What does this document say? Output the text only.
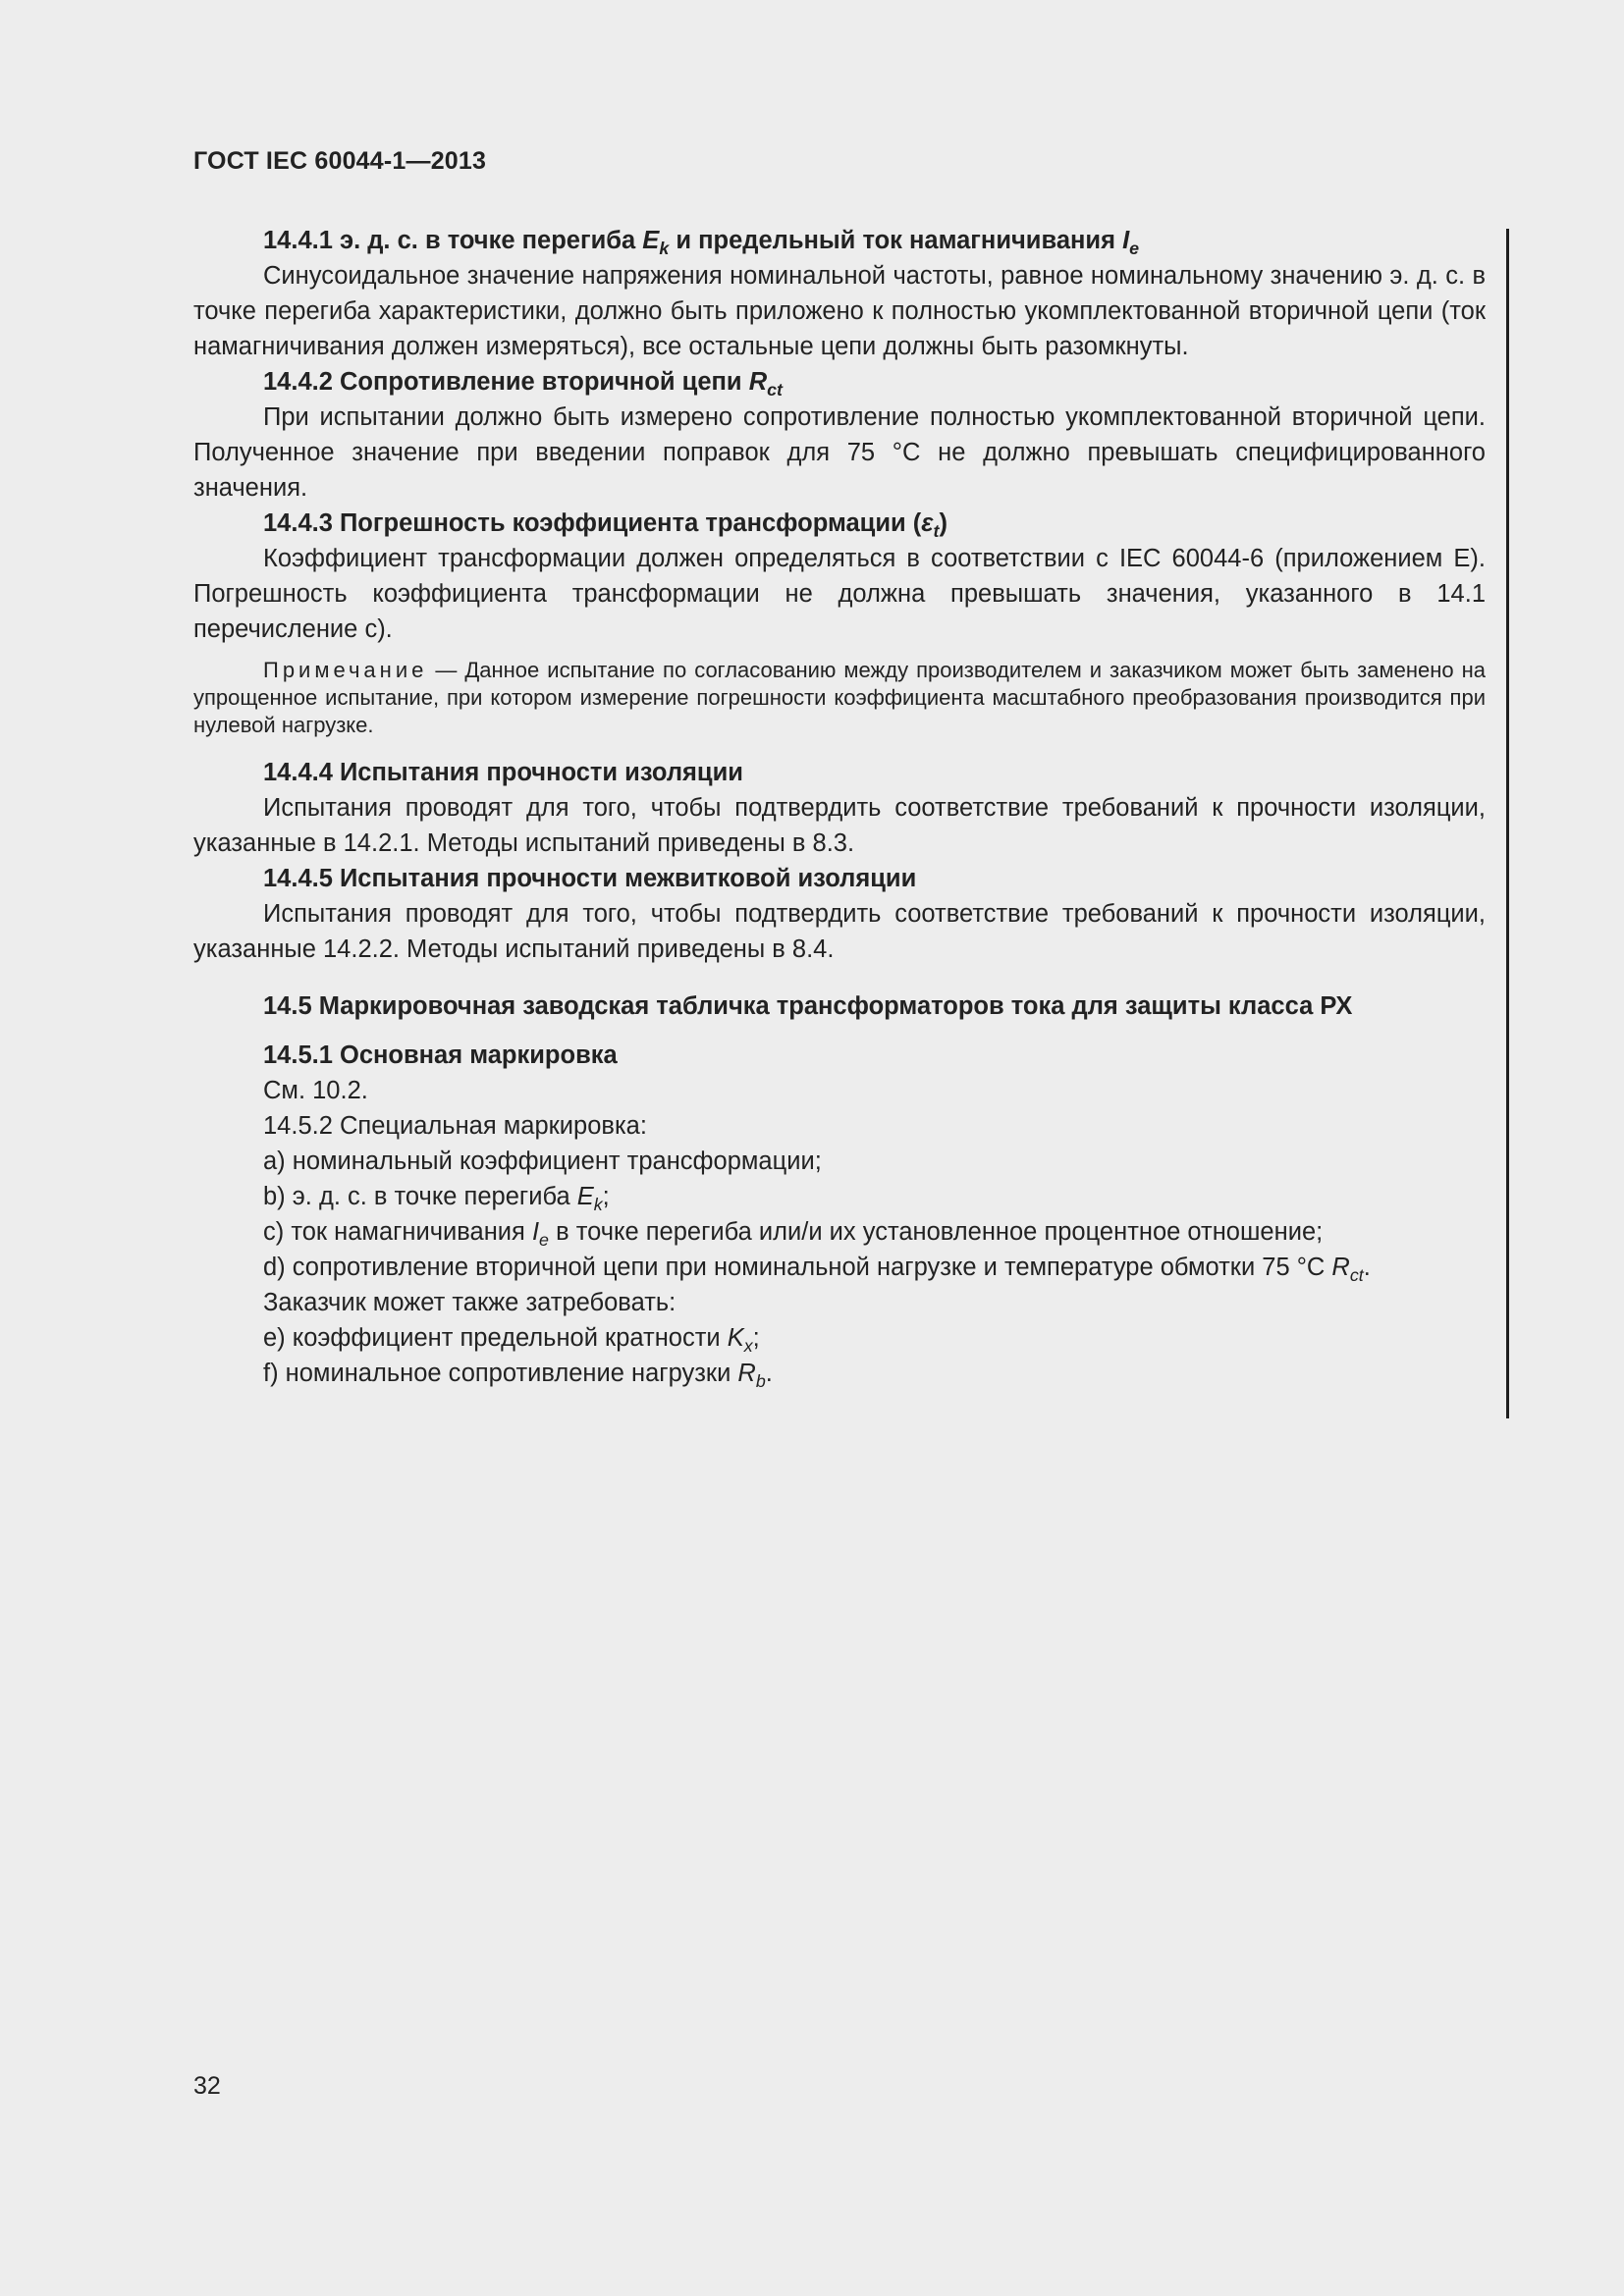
ГОСТ IEC 60044-1—2013

14.4.1 э. д. с. в точке перегиба $E_k$ и предельный ток намагничивания $I_e$

Синусоидальное значение напряжения номинальной частоты, равное номинальному значению э. д. с. в точке перегиба характеристики, должно быть приложено к полностью укомплектованной вторичной цепи (ток намагничивания должен измеряться), все остальные цепи должны быть разомкнуты.

14.4.2 Сопротивление вторичной цепи $R_{ct}$

При испытании должно быть измерено сопротивление полностью укомплектованной вторичной цепи. Полученное значение при введении поправок для 75 °С не должно превышать специфицированного значения.

14.4.3 Погрешность коэффициента трансформации $(\varepsilon_t)$

Коэффициент трансформации должен определяться в соответствии с IEC 60044-6 (приложением Е). Погрешность коэффициента трансформации не должна превышать значения, указанного в 14.1 перечисление с).

Примечание — Данное испытание по согласованию между производителем и заказчиком может быть заменено на упрощенное испытание, при котором измерение погрешности коэффициента масштабного преобразования производится при нулевой нагрузке.

14.4.4 Испытания прочности изоляции

Испытания проводят для того, чтобы подтвердить соответствие требований к прочности изоляции, указанные в 14.2.1. Методы испытаний приведены в 8.3.

14.4.5 Испытания прочности межвитковой изоляции

Испытания проводят для того, чтобы подтвердить соответствие требований к прочности изоляции, указанные 14.2.2. Методы испытаний приведены в 8.4.

14.5 Маркировочная заводская табличка трансформаторов тока для защиты класса РХ

14.5.1 Основная маркировка

См. 10.2.

14.5.2 Специальная маркировка:

a) номинальный коэффициент трансформации;

b) э. д. с. в точке перегиба $E_k$;

c) ток намагничивания $I_e$ в точке перегиба или/и их установленное процентное отношение;

d) сопротивление вторичной цепи при номинальной нагрузке и температуре обмотки 75 °С $R_{ct}$.

Заказчик может также затребовать:

e) коэффициент предельной кратности $K_x$;

f) номинальное сопротивление нагрузки $R_b$.

32
